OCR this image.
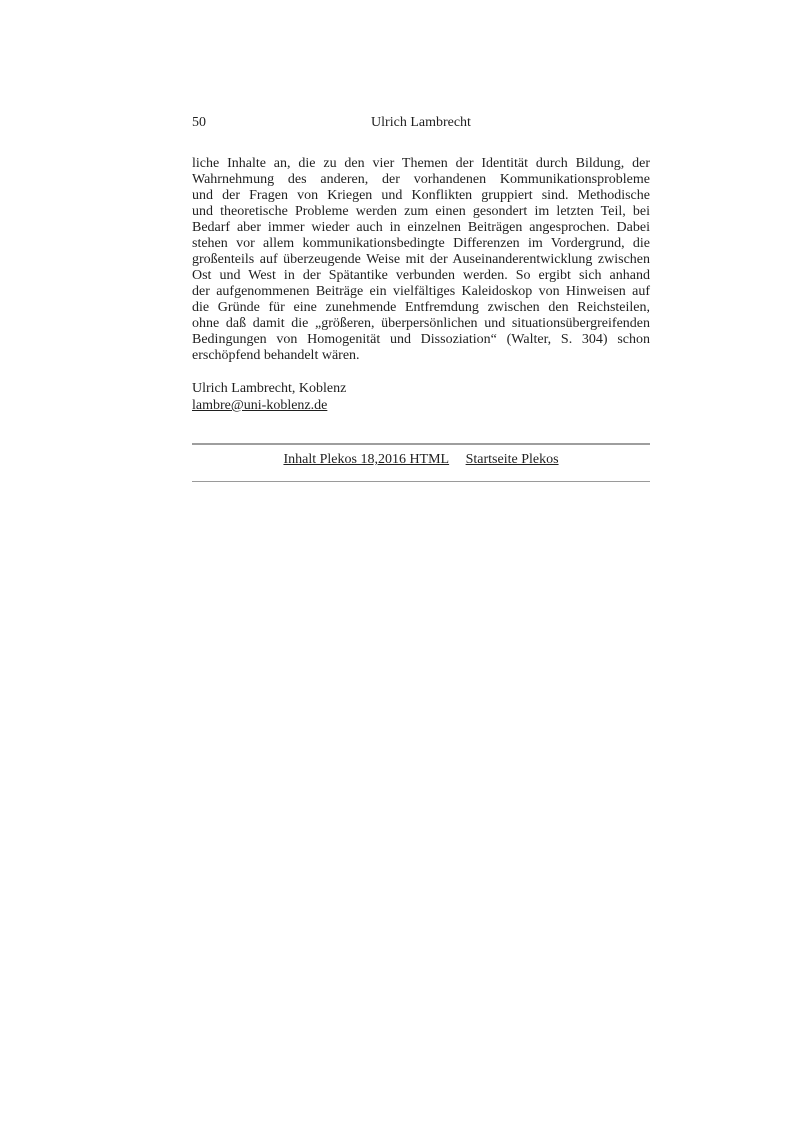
50	Ulrich Lambrecht
liche Inhalte an, die zu den vier Themen der Identität durch Bildung, der
Wahrnehmung des anderen, der vorhandenen Kommunikationsprobleme
und der Fragen von Kriegen und Konflikten gruppiert sind. Methodische
und theoretische Probleme werden zum einen gesondert im letzten Teil, bei
Bedarf aber immer wieder auch in einzelnen Beiträgen angesprochen. Dabei
stehen vor allem kommunikationsbedingte Differenzen im Vordergrund, die
großenteils auf überzeugende Weise mit der Auseinanderentwicklung zwischen
Ost und West in der Spätantike verbunden werden. So ergibt sich anhand
der aufgenommenen Beiträge ein vielfältiges Kaleidoskop von Hinweisen auf
die Gründe für eine zunehmende Entfremdung zwischen den Reichsteilen,
ohne daß damit die „größeren, überpersönlichen und situationsübergreifenden
Bedingungen von Homogenität und Dissoziation“ (Walter, S. 304) schon
erschöpfend behandelt wären.
Ulrich Lambrecht, Koblenz
lambre@uni-koblenz.de
Inhalt Plekos 18,2016 HTML Startseite Plekos
